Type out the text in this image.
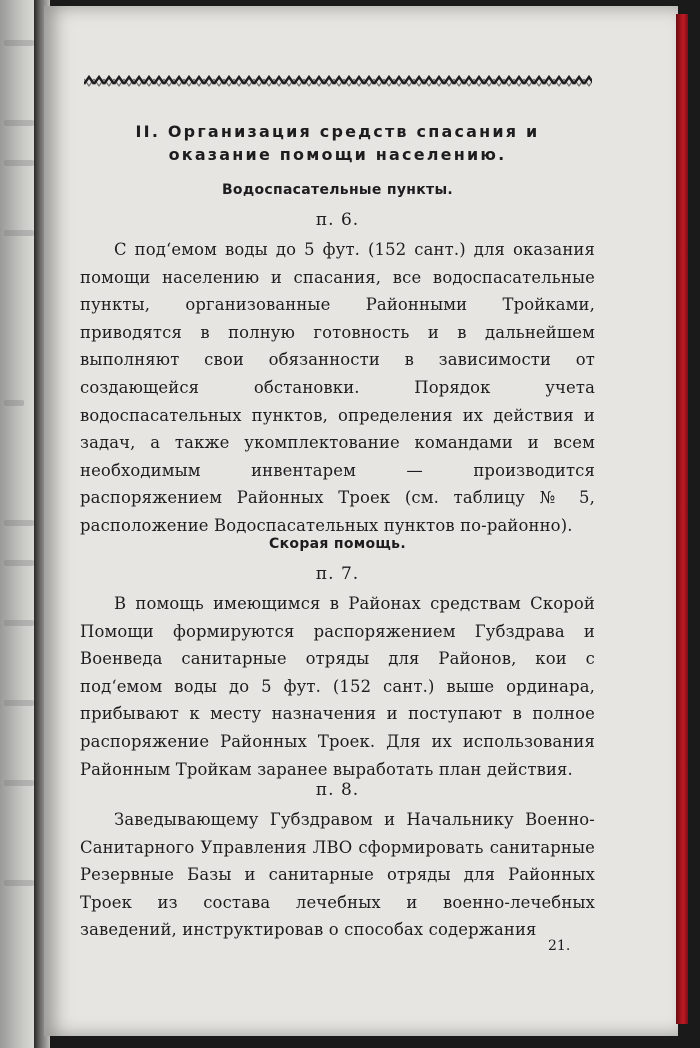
II. Организация средств спасания и оказание помощи населению.
Водоспасательные пункты.
п. 6.

С под‘емом воды до 5 фут. (152 сант.) для оказания помощи населению и спасания, все водоспасательные пункты, организованные Районными Тройками, приводятся в полную готовность и в дальнейшем выполняют свои обязанности в зависимости от создающейся обстановки. Порядок учета водоспасательных пунктов, определения их действия и задач, а также укомплектование командами и всем необходимым инвентарем — производится распоряжением Районных Троек (см. таблицу № 5, расположение Водоспасательных пунктов по-районно).

Скорая помощь.
п. 7.

В помощь имеющимся в Районах средствам Скорой Помощи формируются распоряжением Губздрава и Военведа санитарные отряды для Районов, кои с под‘емом воды до 5 фут. (152 сант.) выше ординара, прибывают к месту назначения и поступают в полное распоряжение Районных Троек. Для их использования Районным Тройкам заранее выработать план действия.

п. 8.

Заведывающему Губздравом и Начальнику Военно-Санитарного Управления ЛВО сформировать санитарные Резервные Базы и санитарные отряды для Районных Троек из состава лечебных и военно-лечебных заведений, инструктировав о способах содержания

21.
